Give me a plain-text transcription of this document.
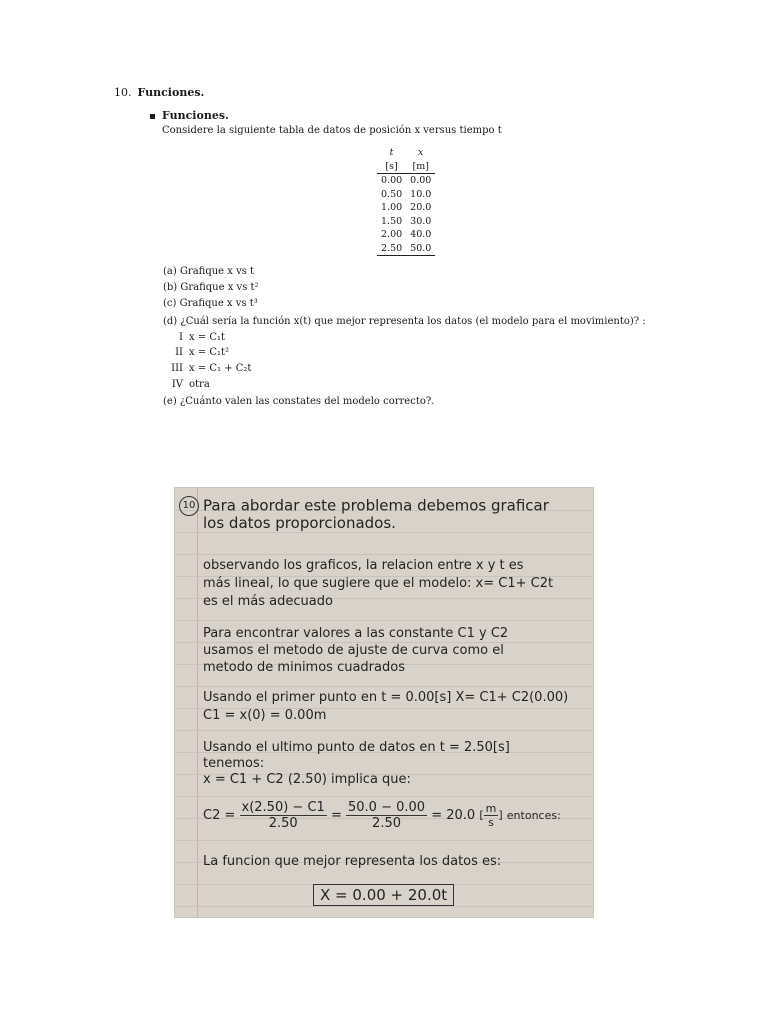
10. Funciones.
Funciones.
Considere la siguiente tabla de datos de posición x versus tiempo t
t	x
[s]	[m]
0.00	0.00
0.50	10.0
1.00	20.0
1.50	30.0
2.00	40.0
2.50	50.0
(a) Grafique x vs t
(b) Grafique x vs t²
(c) Grafique x vs t³
(d) ¿Cuál sería la función x(t) que mejor representa los datos (el modelo para el movimiento)? :
I x = C₁t
II x = C₁t²
III x = C₁ + C₂t
IV otra
(e) ¿Cuánto valen las constates del modelo correcto?.
10 Para abordar este problema debemos graficar
los datos proporcionados.
observando los graficos, la relacion entre x y t es
más lineal, lo que sugiere que el modelo: x= C1+ C2t
es el más adecuado
Para encontrar valores a las constante C1 y C2
usamos el metodo de ajuste de curva como el
metodo de minimos cuadrados
Usando el primer punto en t = 0.00[s] X= C1+ C2(0.00)
C1 = x(0) = 0.00m
Usando el ultimo punto de datos en t = 2.50[s]
tenemos:
x = C1 + C2 (2.50) implica que:
$C2 = \frac{x(2.50) - C1}{2.50} = \frac{50.0 - 0.00}{2.50} = 20.0$ [ $\frac{m}{s}$ ] entonces:
La funcion que mejor representa los datos es:
X = 0.00 + 20.0t
